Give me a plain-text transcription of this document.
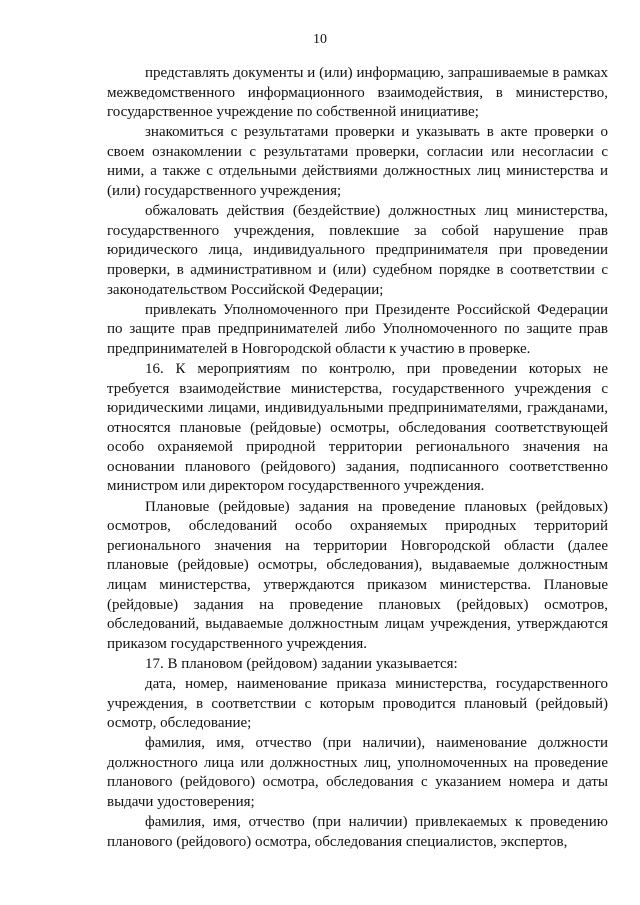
10

представлять документы и (или) информацию, запрашиваемые в рамках межведомственного информационного взаимодействия, в министерство, государственное учреждение по собственной инициативе;

знакомиться с результатами проверки и указывать в акте проверки о своем ознакомлении с результатами проверки, согласии или несогласии с ними, а также с отдельными действиями должностных лиц министерства и (или) государственного учреждения;

обжаловать действия (бездействие) должностных лиц министерства, государственного учреждения, повлекшие за собой нарушение прав юридического лица, индивидуального предпринимателя при проведении проверки, в административном и (или) судебном порядке в соответствии с законодательством Российской Федерации;

привлекать Уполномоченного при Президенте Российской Федерации по защите прав предпринимателей либо Уполномоченного по защите прав предпринимателей в Новгородской области к участию в проверке.

16. К мероприятиям по контролю, при проведении которых не требуется взаимодействие министерства, государственного учреждения с юридическими лицами, индивидуальными предпринимателями, гражданами, относятся плановые (рейдовые) осмотры, обследования соответствующей особо охраняемой природной территории регионального значения на основании планового (рейдового) задания, подписанного соответственно министром или директором государственного учреждения.

Плановые (рейдовые) задания на проведение плановых (рейдовых) осмотров, обследований особо охраняемых природных территорий регионального значения на территории Новгородской области (далее плановые (рейдовые) осмотры, обследования), выдаваемые должностным лицам министерства, утверждаются приказом министерства. Плановые (рейдовые) задания на проведение плановых (рейдовых) осмотров, обследований, выдаваемые должностным лицам учреждения, утверждаются приказом государственного учреждения.

17. В плановом (рейдовом) задании указывается:

дата, номер, наименование приказа министерства, государственного учреждения, в соответствии с которым проводится плановый (рейдовый) осмотр, обследование;

фамилия, имя, отчество (при наличии), наименование должности должностного лица или должностных лиц, уполномоченных на проведение планового (рейдового) осмотра, обследования с указанием номера и даты выдачи удостоверения;

фамилия, имя, отчество (при наличии) привлекаемых к проведению планового (рейдового) осмотра, обследования специалистов, экспертов,
